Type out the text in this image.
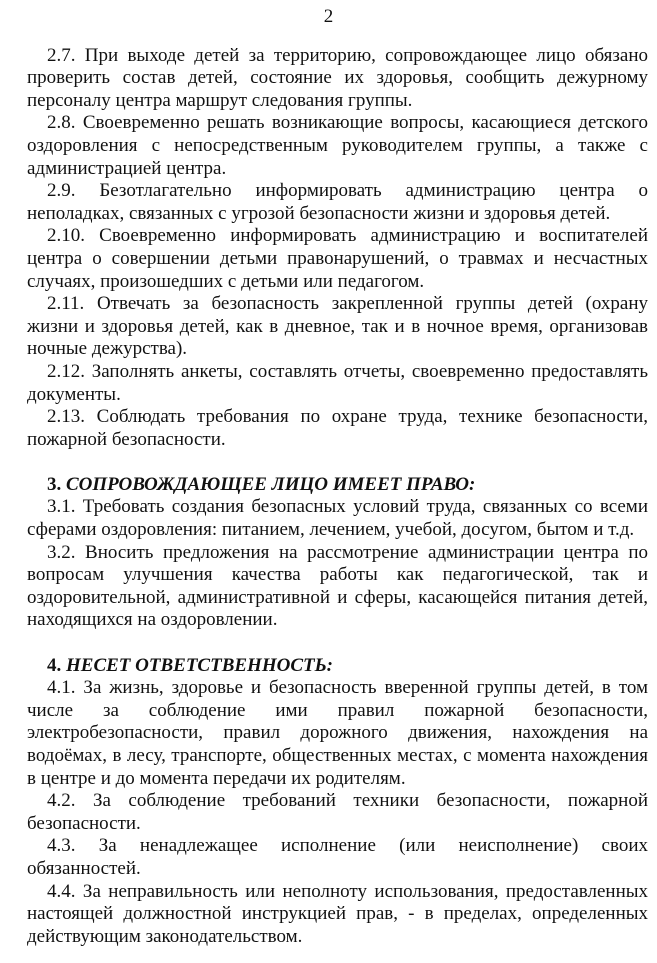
2

2.7. При выходе детей за территорию, сопровождающее лицо обязано проверить состав детей, состояние их здоровья, сообщить дежурному персоналу центра маршрут следования группы.

2.8. Своевременно решать возникающие вопросы, касающиеся детского оздоровления с непосредственным руководителем группы, а также с администрацией центра.

2.9. Безотлагательно информировать администрацию центра о неполадках, связанных с угрозой безопасности жизни и здоровья детей.

2.10. Своевременно информировать администрацию и воспитателей центра о совершении детьми правонарушений, о травмах и несчастных случаях, произошедших с детьми или педагогом.

2.11. Отвечать за безопасность закрепленной группы детей (охрану жизни и здоровья детей, как в дневное, так и в ночное время, организовав ночные дежурства).

2.12. Заполнять анкеты, составлять отчеты, своевременно предоставлять документы.

2.13. Соблюдать требования по охране труда, технике безопасности, пожарной безопасности.

3. СОПРОВОЖДАЮЩЕЕ ЛИЦО ИМЕЕТ ПРАВО:

3.1. Требовать создания безопасных условий труда, связанных со всеми сферами оздоровления: питанием, лечением, учебой, досугом, бытом и т.д.

3.2. Вносить предложения на рассмотрение администрации центра по вопросам улучшения качества работы как педагогической, так и оздоровительной, административной и сферы, касающейся питания детей, находящихся на оздоровлении.

4. НЕСЕТ ОТВЕТСТВЕННОСТЬ:

4.1. За жизнь, здоровье и безопасность вверенной группы детей, в том числе за соблюдение ими правил пожарной безопасности, электробезопасности, правил дорожного движения, нахождения на водоёмах, в лесу, транспорте, общественных местах, с момента нахождения в центре и до момента передачи их родителям.

4.2. За соблюдение требований техники безопасности, пожарной безопасности.

4.3. За ненадлежащее исполнение (или неисполнение) своих обязанностей.

4.4. За неправильность или неполноту использования, предоставленных настоящей должностной инструкцией прав, - в пределах, определенных действующим законодательством.
